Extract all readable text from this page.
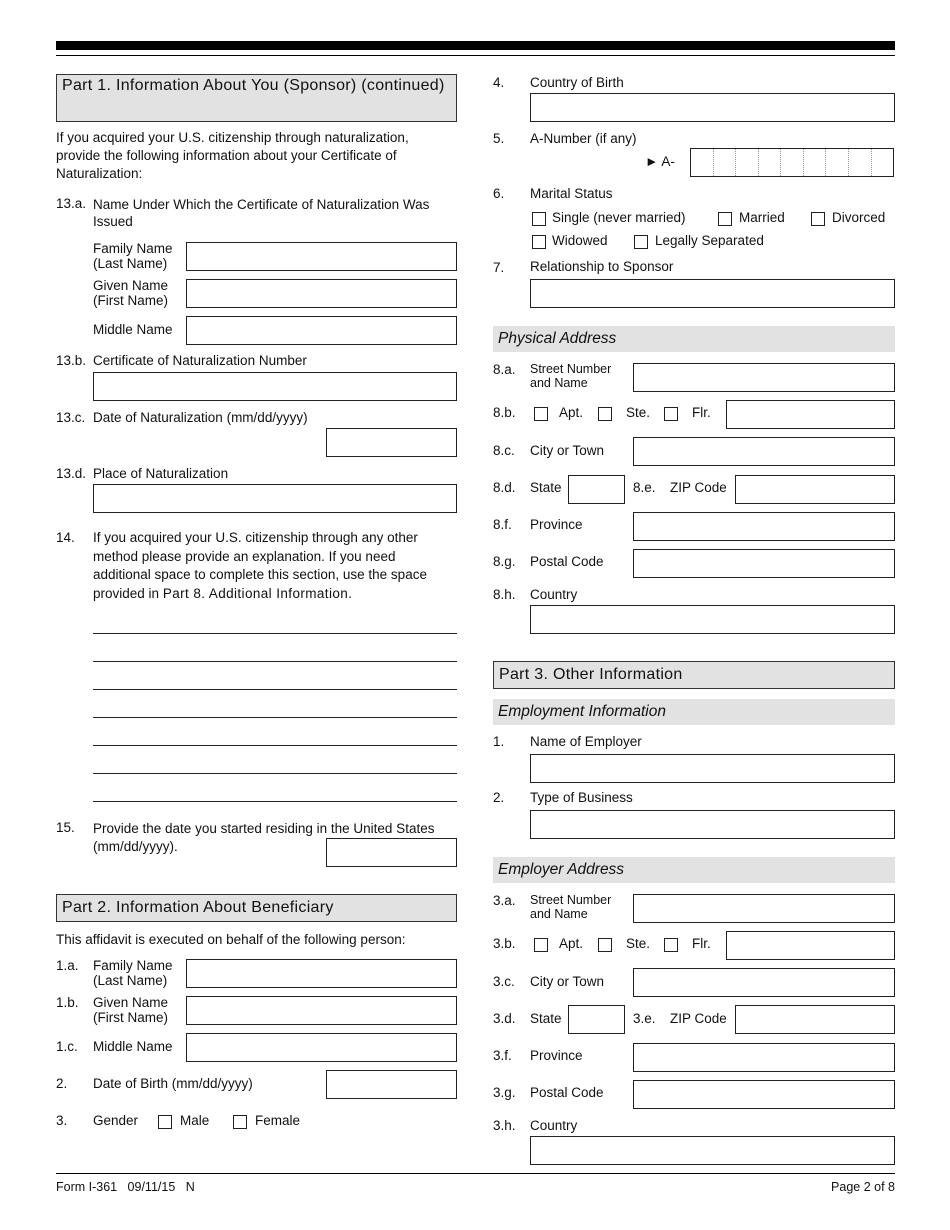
Part 1. Information About You (Sponsor) (continued)
If you acquired your U.S. citizenship through naturalization, provide the following information about your Certificate of Naturalization:
13.a. Name Under Which the Certificate of Naturalization Was Issued
Family Name (Last Name)
Given Name (First Name)
Middle Name
13.b. Certificate of Naturalization Number
13.c. Date of Naturalization (mm/dd/yyyy)
13.d. Place of Naturalization
14. If you acquired your U.S. citizenship through any other method please provide an explanation. If you need additional space to complete this section, use the space provided in Part 8. Additional Information.
15. Provide the date you started residing in the United States (mm/dd/yyyy).
Part 2. Information About Beneficiary
This affidavit is executed on behalf of the following person:
1.a. Family Name (Last Name)
1.b. Given Name (First Name)
1.c. Middle Name
2. Date of Birth (mm/dd/yyyy)
3. Gender	Male	Female
4. Country of Birth
5. A-Number (if any)
► A-
6. Marital Status
Single (never married)	Married	Divorced
Widowed	Legally Separated
7. Relationship to Sponsor
Physical Address
8.a. Street Number and Name
8.b.	Apt.	Ste.	Flr.
8.c. City or Town
8.d. State	8.e. ZIP Code
8.f. Province
8.g. Postal Code
8.h. Country
Part 3. Other Information
Employment Information
1. Name of Employer
2. Type of Business
Employer Address
3.a. Street Number and Name
3.b.	Apt.	Ste.	Flr.
3.c. City or Town
3.d. State	3.e. ZIP Code
3.f. Province
3.g. Postal Code
3.h. Country
Form I-361   09/11/15   N	Page 2 of 8
